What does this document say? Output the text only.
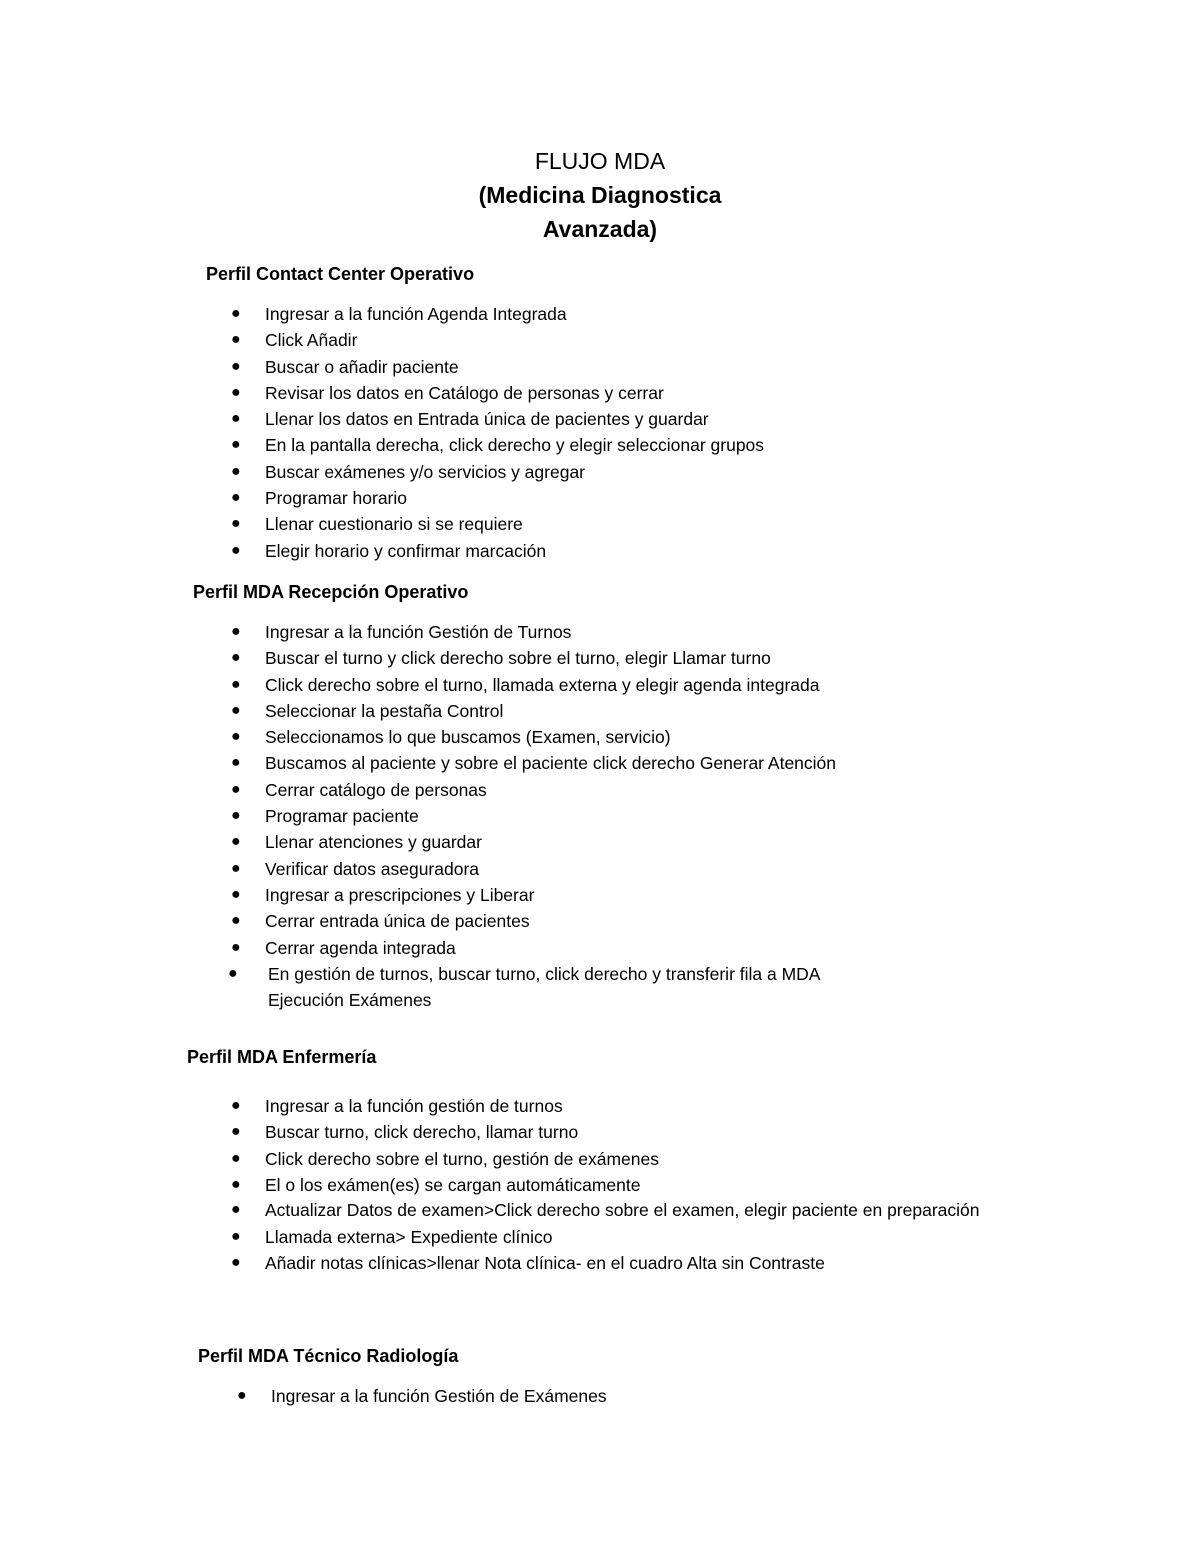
FLUJO MDA
(Medicina Diagnostica
Avanzada)
Perfil Contact Center Operativo
● Ingresar a la función Agenda Integrada
● Click Añadir
● Buscar o añadir paciente
● Revisar los datos en Catálogo de personas y cerrar
● Llenar los datos en Entrada única de pacientes y guardar
● En la pantalla derecha, click derecho y elegir seleccionar grupos
● Buscar exámenes y/o servicios y agregar
● Programar horario
● Llenar cuestionario si se requiere
● Elegir horario y confirmar marcación
Perfil MDA Recepción Operativo
● Ingresar a la función Gestión de Turnos
● Buscar el turno y click derecho sobre el turno, elegir Llamar turno
● Click derecho sobre el turno, llamada externa y elegir agenda integrada
● Seleccionar la pestaña Control
● Seleccionamos lo que buscamos (Examen, servicio)
● Buscamos al paciente y sobre el paciente click derecho Generar Atención
● Cerrar catálogo de personas
● Programar paciente
● Llenar atenciones y guardar
● Verificar datos aseguradora
● Ingresar a prescripciones y Liberar
● Cerrar entrada única de pacientes
● Cerrar agenda integrada
● En gestión de turnos, buscar turno, click derecho y transferir fila a MDA Ejecución Exámenes
Perfil MDA Enfermería
● Ingresar a la función gestión de turnos
● Buscar turno, click derecho, llamar turno
● Click derecho sobre el turno, gestión de exámenes
● El o los exámen(es) se cargan automáticamente
● Actualizar Datos de examen>Click derecho sobre el examen, elegir paciente en preparación
● Llamada externa> Expediente clínico
● Añadir notas clínicas>llenar Nota clínica- en el cuadro Alta sin Contraste
Perfil MDA Técnico Radiología
● Ingresar a la función Gestión de Exámenes
